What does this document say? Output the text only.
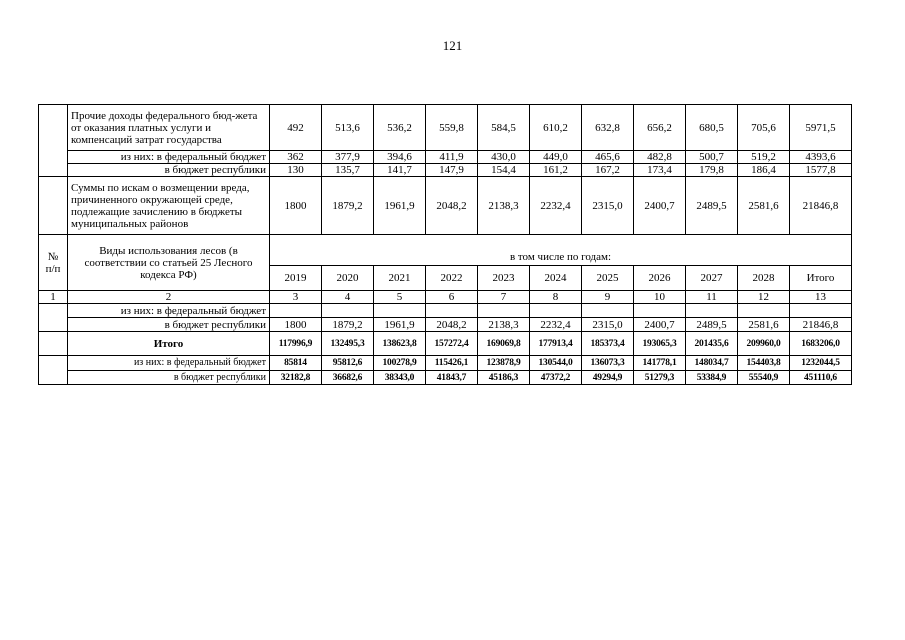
121
	Прочие доходы федерального бюд-жета от оказания платных услуги и компенсаций затрат государства	492	513,6	536,2	559,8	584,5	610,2	632,8	656,2	680,5	705,6	5971,5
	из них: в федеральный бюджет	362	377,9	394,6	411,9	430,0	449,0	465,6	482,8	500,7	519,2	4393,6
	в бюджет республики	130	135,7	141,7	147,9	154,4	161,2	167,2	173,4	179,8	186,4	1577,8
	Суммы по искам о возмещении вреда, причиненного окружающей среде, подлежащие зачислению в бюджеты муниципальных районов	1800	1879,2	1961,9	2048,2	2138,3	2232,4	2315,0	2400,7	2489,5	2581,6	21846,8
№ п/п	Виды использования лесов (в соответствии со статьей 25 Лесного кодекса РФ)	в том числе по годам:										
		2019	2020	2021	2022	2023	2024	2025	2026	2027	2028	Итого
1	2	3	4	5	6	7	8	9	10	11	12	13
	из них: в федеральный бюджет											
	в бюджет республики	1800	1879,2	1961,9	2048,2	2138,3	2232,4	2315,0	2400,7	2489,5	2581,6	21846,8
	Итого	117996,9	132495,3	138623,8	157272,4	169069,8	177913,4	185373,4	193065,3	201435,6	209960,0	1683206,0
	из них: в федеральный бюджет	85814	95812,6	100278,9	115426,1	123878,9	130544,0	136073,3	141778,1	148034,7	154403,8	1232044,5
	в бюджет республики	32182,8	36682,6	38343,0	41843,7	45186,3	47372,2	49294,9	51279,3	53384,9	55540,9	451110,6
